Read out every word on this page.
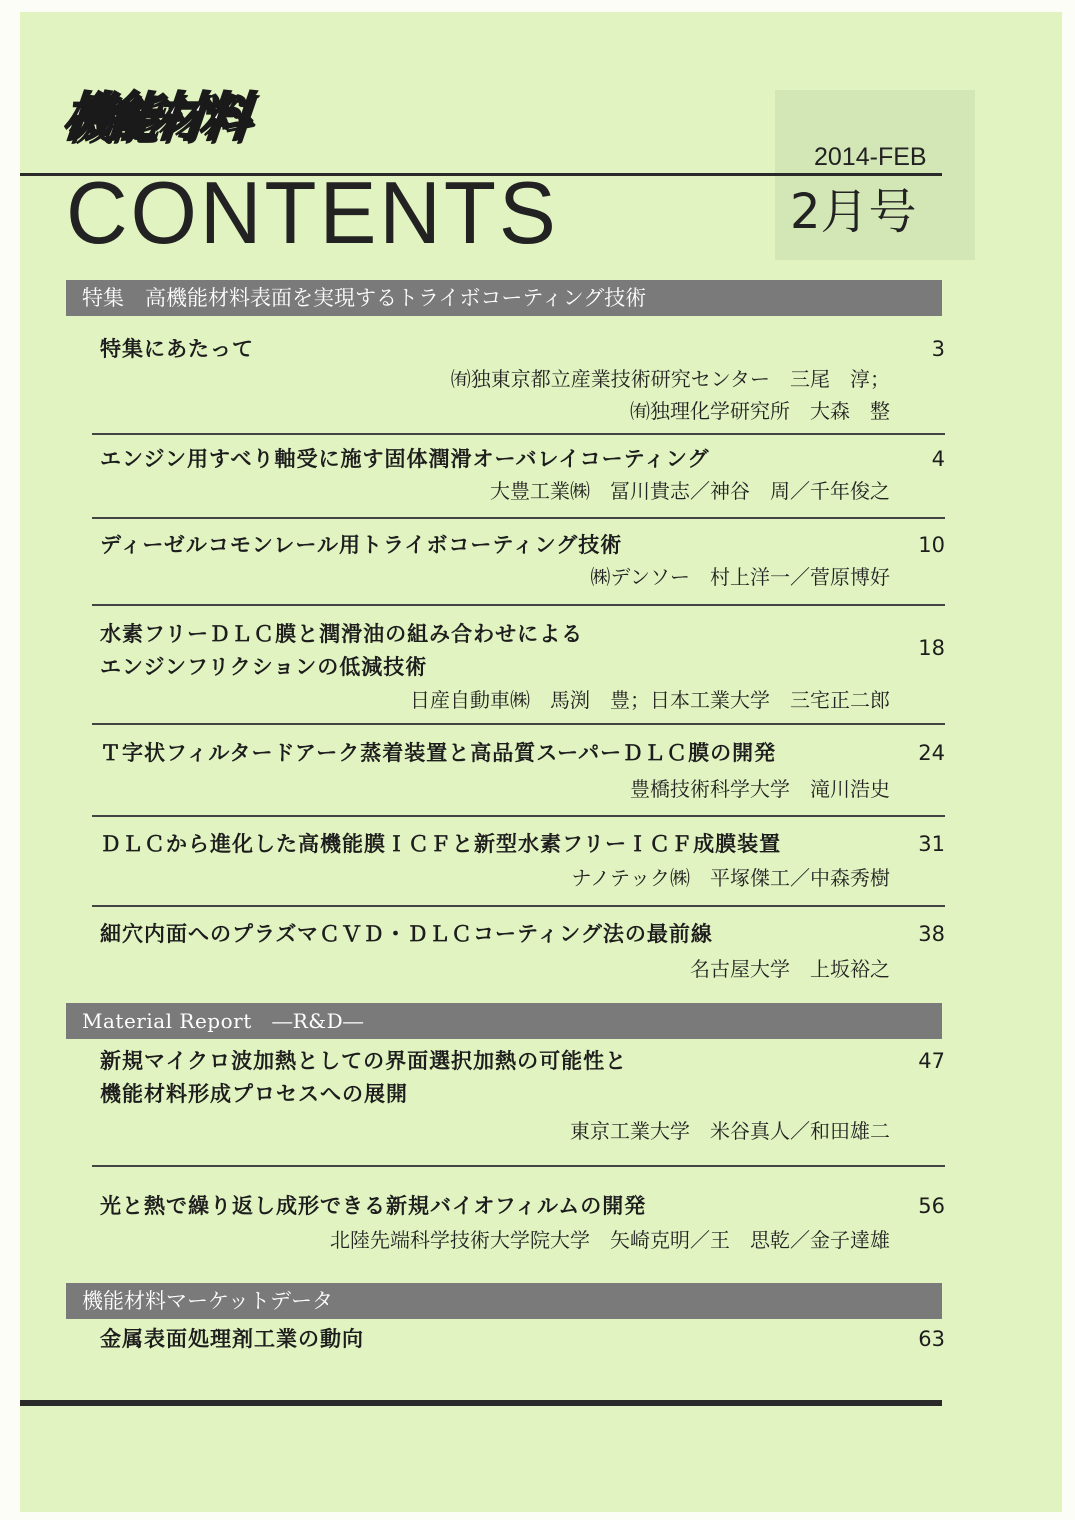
機能材料
2014-FEB
CONTENTS	2月号
特集　高機能材料表面を実現するトライボコーティング技術
特集にあたって	3
㈲独東京都立産業技術研究センター　三尾　淳；
㈲独理化学研究所　大森　整
エンジン用すべり軸受に施す固体潤滑オーバレイコーティング	4
大豊工業㈱　冨川貴志／神谷　周／千年俊之
ディーゼルコモンレール用トライボコーティング技術	10
㈱デンソー　村上洋一／菅原博好
水素フリーＤＬＣ膜と潤滑油の組み合わせによる
エンジンフリクションの低減技術
18
日産自動車㈱　馬渕　豊；日本工業大学　三宅正二郎
Ｔ字状フィルタードアーク蒸着装置と高品質スーパーＤＬＣ膜の開発	24
豊橋技術科学大学　滝川浩史
ＤＬＣから進化した高機能膜ＩＣＦと新型水素フリーＩＣＦ成膜装置	31
ナノテック㈱　平塚傑工／中森秀樹
細穴内面へのプラズマＣＶＤ・ＤＬＣコーティング法の最前線	38
名古屋大学　上坂裕之
Material Report　―R&D―
新規マイクロ波加熱としての界面選択加熱の可能性と
機能材料形成プロセスへの展開
47
東京工業大学　米谷真人／和田雄二
光と熱で繰り返し成形できる新規バイオフィルムの開発	56
北陸先端科学技術大学院大学　矢崎克明／王　思乾／金子達雄
機能材料マーケットデータ
金属表面処理剤工業の動向	63
